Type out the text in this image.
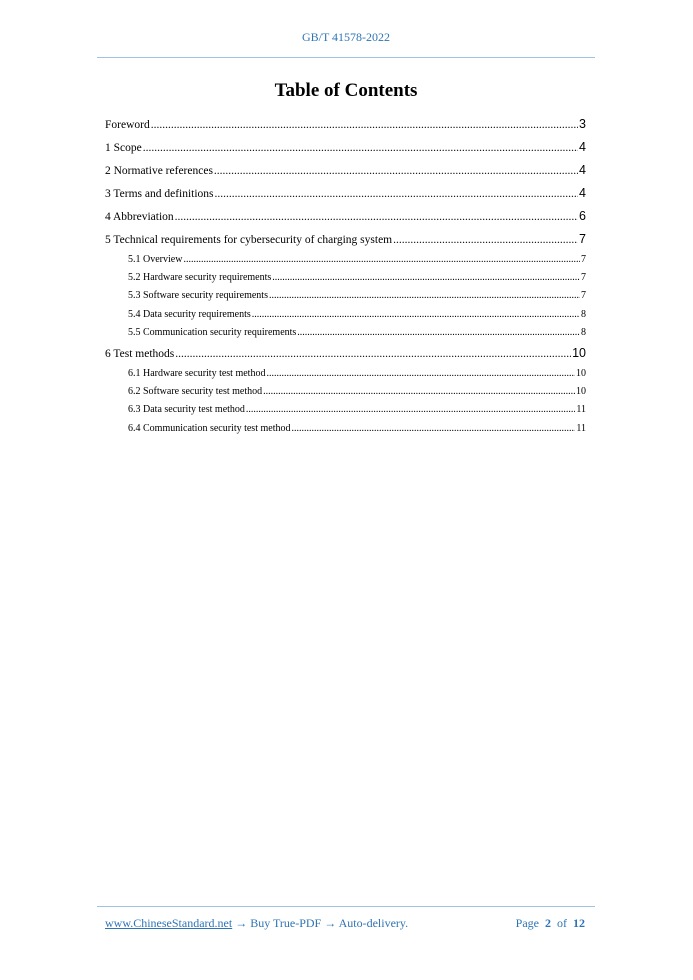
GB/T 41578-2022
Table of Contents
Foreword .....	3
1 Scope .....	4
2 Normative references .....	4
3 Terms and definitions .....	4
4 Abbreviation .....	6
5 Technical requirements for cybersecurity of charging system .....	7
5.1 Overview .....	7
5.2 Hardware security requirements .....	7
5.3 Software security requirements .....	7
5.4 Data security requirements .....	8
5.5 Communication security requirements .....	8
6 Test methods .....	10
6.1 Hardware security test method .....	10
6.2 Software security test method .....	10
6.3 Data security test method .....	11
6.4 Communication security test method .....	11
www.ChineseStandard.net → Buy True-PDF → Auto-delivery.	Page 2 of 12
